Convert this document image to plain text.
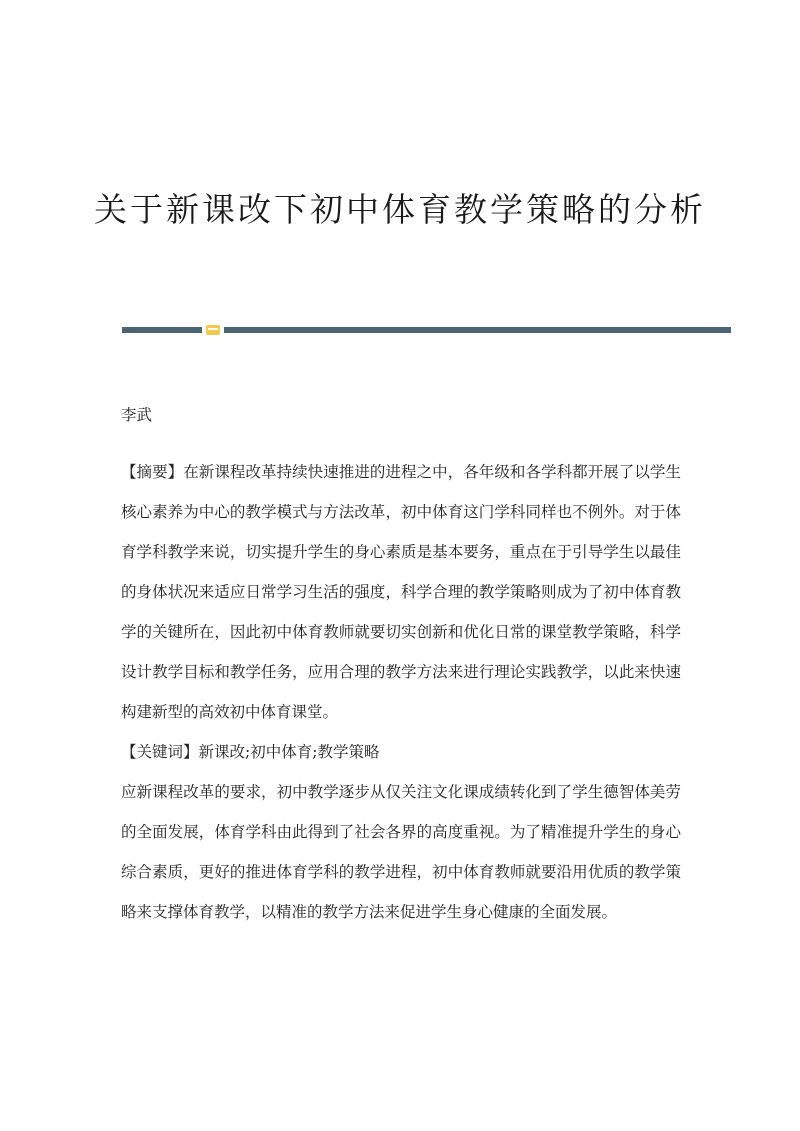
关于新课改下初中体育教学策略的分析

李武

【摘要】在新课程改革持续快速推进的进程之中，各年级和各学科都开展了以学生核心素养为中心的教学模式与方法改革，初中体育这门学科同样也不例外。对于体育学科教学来说，切实提升学生的身心素质是基本要务，重点在于引导学生以最佳的身体状况来适应日常学习生活的强度，科学合理的教学策略则成为了初中体育教学的关键所在，因此初中体育教师就要切实创新和优化日常的课堂教学策略，科学设计教学目标和教学任务，应用合理的教学方法来进行理论实践教学，以此来快速构建新型的高效初中体育课堂。

【关键词】新课改;初中体育;教学策略

应新课程改革的要求，初中教学逐步从仅关注文化课成绩转化到了学生德智体美劳的全面发展，体育学科由此得到了社会各界的高度重视。为了精准提升学生的身心综合素质，更好的推进体育学科的教学进程，初中体育教师就要沿用优质的教学策略来支撑体育教学，以精准的教学方法来促进学生身心健康的全面发展。
